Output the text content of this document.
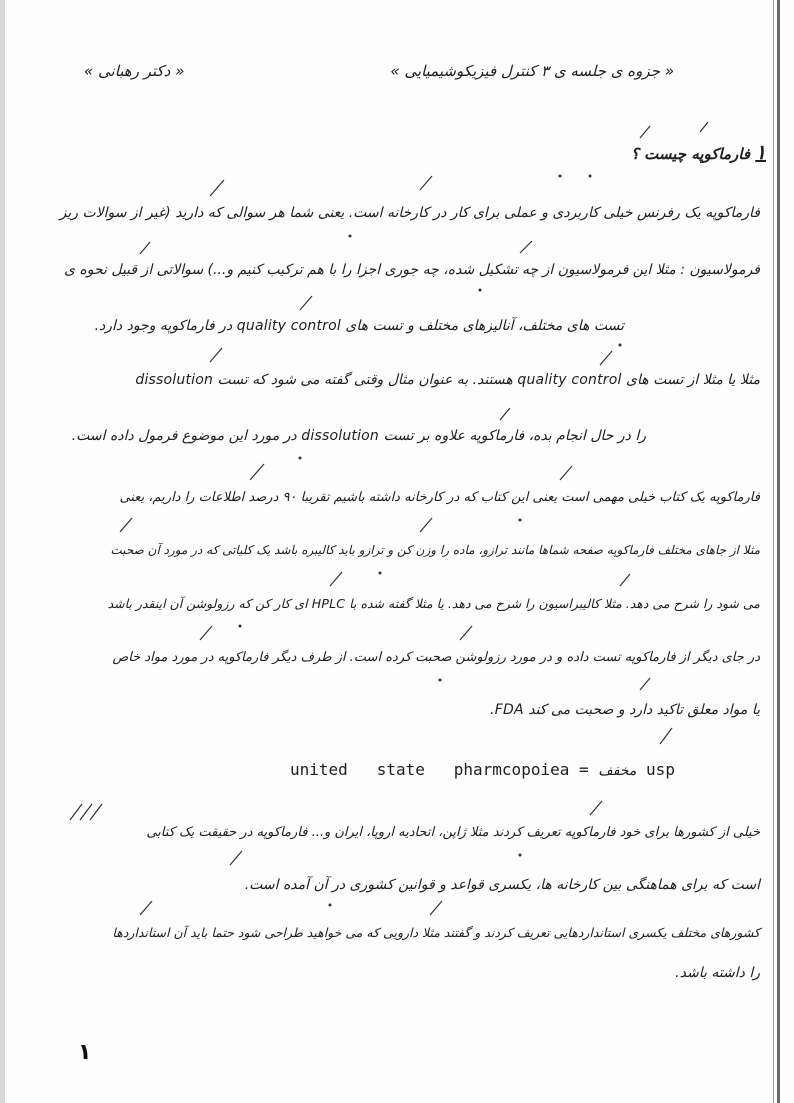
« جزوه ی جلسه ی ۳ کنترل فیزیکوشیمیایی »
« دکتر رهبانی »
۱ فارماکوپه چیست ؟
فارماکوپه یک رفرنس خیلی کاربردی و عملی برای کار در کارخانه است. یعنی شما هر سوالی که دارید (غیر از سوالات ریز
فرمولاسیون : مثلا این فرمولاسیون از چه تشکیل شده، چه جوری اجزا را با هم ترکیب کنیم و...) سوالاتی از قبیل نحوه ی
تست های مختلف، آنالیزهای مختلف و تست های quality control در فارماکوپه وجود دارد.
مثلا یا مثلا از تست های quality control هستند. به عنوان مثال وقتی گفته می شود که تست dissolution
را در حال انجام بده، فارماکوپه علاوه بر تست dissolution در مورد این موضوع فرمول داده است.
فارماکوپه یک کتاب خیلی مهمی است یعنی این کتاب که در کارخانه داشته باشیم تقریبا ۹۰ درصد اطلاعات را داریم، یعنی
مثلا از جاهای مختلف فارماکوپه صفحه شماها مانند ترازو، ماده را وزن کن و ترازو باید کالیبره باشد یک کلیاتی که در مورد آن صحبت
می شود را شرح می دهد. مثلا کالیبراسیون را شرح می دهد. یا مثلا گفته شده با HPLC ای کار کن که رزولوشن آن اینقدر باشد
در جای دیگر از فارماکوپه تست داده و در مورد رزولوشن صحبت کرده است. از طرف دیگر فارماکوپه در مورد مواد خاص
یا مواد معلق تاکید دارد و صحبت می کند FDA.
united   state   pharmcopoiea = مخفف usp
خیلی از کشورها برای خود فارماکوپه تعریف کردند مثلا ژاپن، اتحادیه اروپا، ایران و... فارماکوپه در حقیقت یک کتابی
است که برای هماهنگی بین کارخانه ها، یکسری قواعد و قوانین کشوری در آن آمده است.
کشورهای مختلف یکسری استانداردهایی تعریف کردند و گفتند مثلا دارویی که می خواهید طراحی شود حتما باید آن استانداردها
را داشته باشد.
۱
